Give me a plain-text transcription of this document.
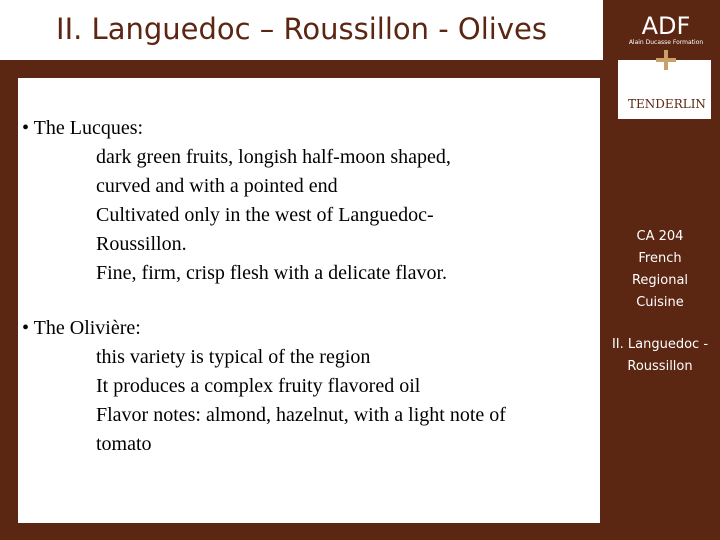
II. Languedoc – Roussillon - Olives
• The Lucques:
dark green fruits, longish half-moon shaped,
curved and with a pointed end
Cultivated only in the west of Languedoc-
Roussillon.
Fine, firm, crisp flesh with a delicate flavor.
• The Olivière:
this variety is typical of the region
It produces a complex fruity flavored oil
Flavor notes: almond, hazelnut, with a light note of
tomato
ADF
Alain Ducasse Formation
TENDERLIN
CA 204
French
Regional
Cuisine
II. Languedoc -
Roussillon
